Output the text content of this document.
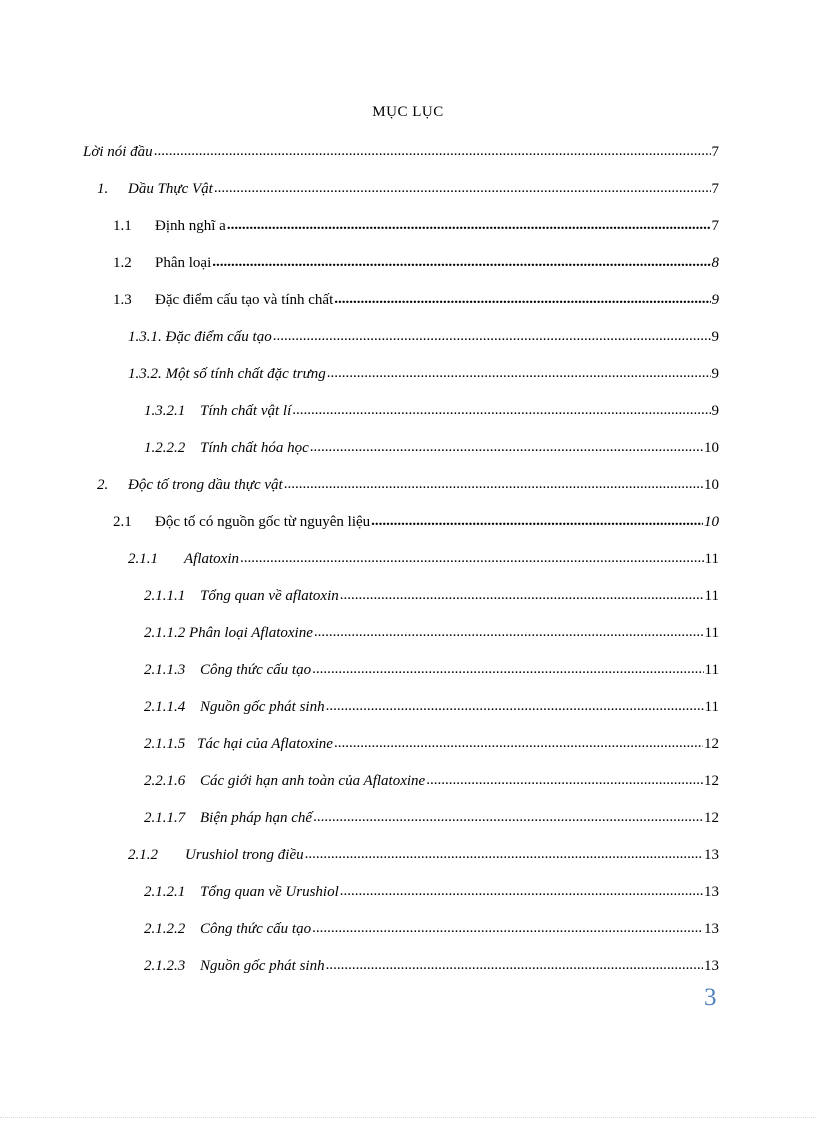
MỤC LỤC
Lời nói đầu .....	7
1.	Dầu Thực Vật .....	7
1.1	Định nghĩ a .....	7
1.2	Phân loại .....	8
1.3	Đặc điểm cấu tạo và tính chất .....	9
1.3.1. Đặc điểm cấu tạo .....	9
1.3.2. Một số tính chất đặc trưng .....	9
1.3.2.1 Tính chất vật lí .....	9
1.2.2.2 Tính chất hóa học .....	10
2.	Độc tố trong dầu thực vật .....	10
2.1	Độc tố có nguồn gốc từ nguyên liệu .....	10
2.1.1	Aflatoxin .....	11
2.1.1.1 Tổng quan về aflatoxin .....	11
2.1.1.2 Phân loại Aflatoxine .....	11
2.1.1.3 Công thức cấu tạo .....	11
2.1.1.4 Nguồn gốc phát sinh .....	11
2.1.1.5 Tác hại của Aflatoxine .....	12
2.2.1.6 Các giới hạn anh toàn của Aflatoxine .....	12
2.1.1.7 Biện pháp hạn chế .....	12
2.1.2	Urushiol trong điều .....	13
2.1.2.1 Tổng quan về Urushiol .....	13
2.1.2.2 Công thức cấu tạo .....	13
2.1.2.3 Nguồn gốc phát sinh .....	13
3
